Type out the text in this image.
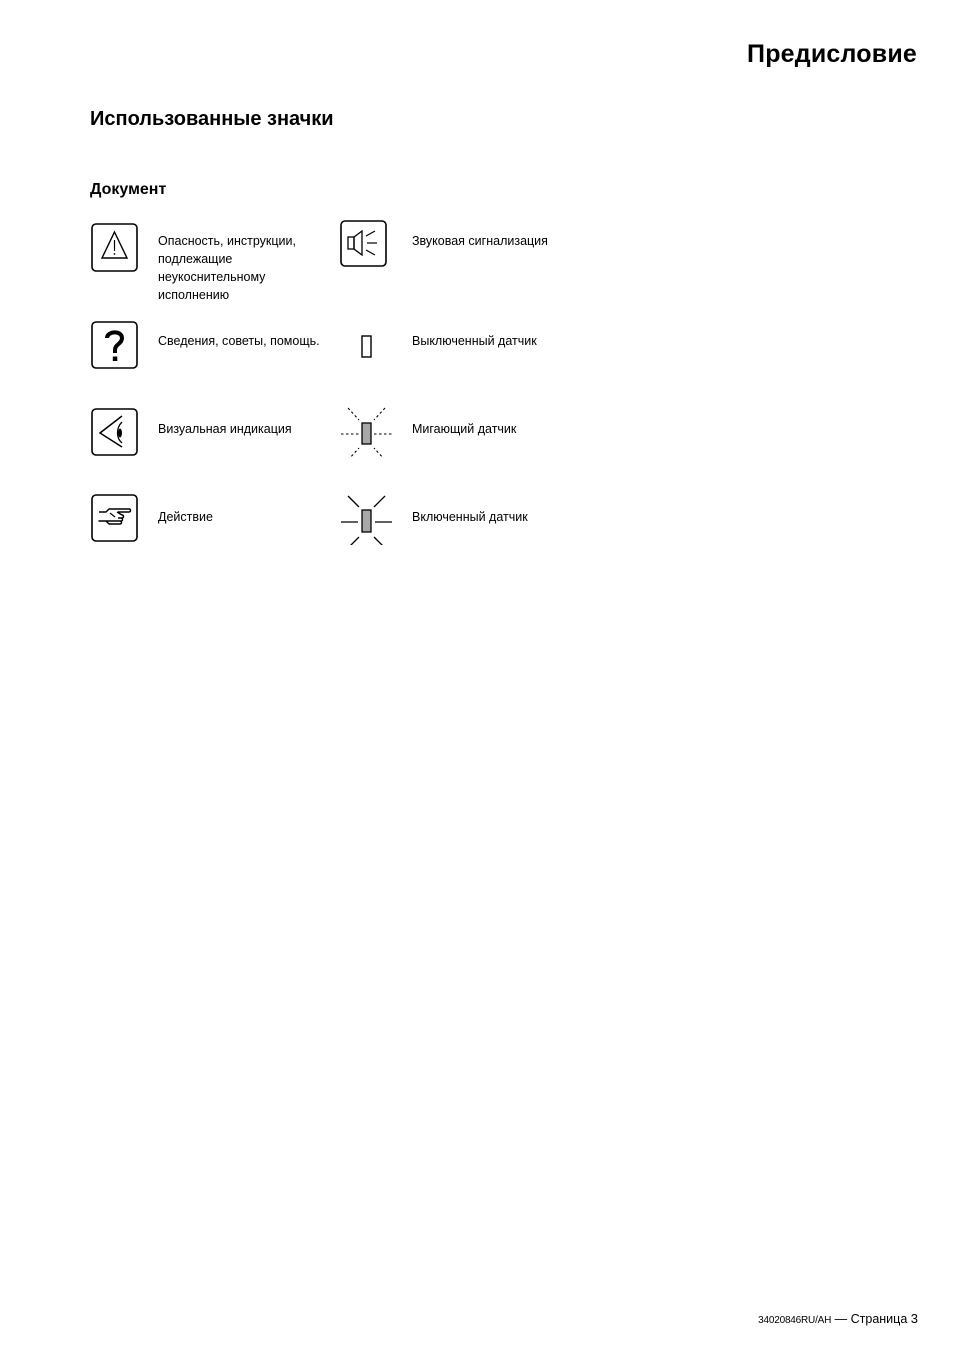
Предисловие
Использованные значки
Документ
Опасность, инструкции, подлежащие неукоснительному исполнению
Сведения, советы, помощь.
Визуальная индикация
Действие
Звуковая сигнализация
Выключенный датчик
Мигающий датчик
Включенный датчик
34020846RU/AH — Страница 3
